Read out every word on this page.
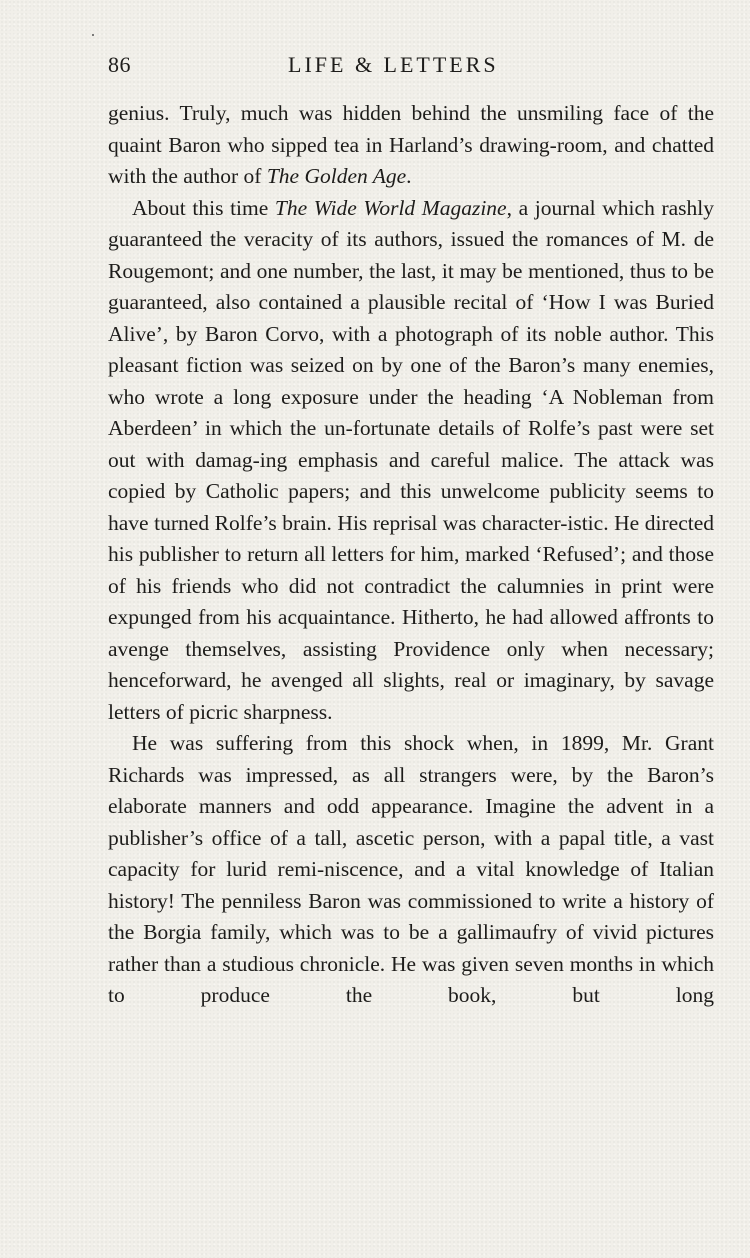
86	LIFE & LETTERS

genius. Truly, much was hidden behind the unsmiling face of the quaint Baron who sipped tea in Harland’s drawing-room, and chatted with the author of The Golden Age.

About this time The Wide World Magazine, a journal which rashly guaranteed the veracity of its authors, issued the romances of M. de Rougemont; and one number, the last, it may be mentioned, thus to be guaranteed, also contained a plausible recital of ‘How I was Buried Alive’, by Baron Corvo, with a photograph of its noble author. This pleasant fiction was seized on by one of the Baron’s many enemies, who wrote a long exposure under the heading ‘A Nobleman from Aberdeen’ in which the un-fortunate details of Rolfe’s past were set out with damag-ing emphasis and careful malice. The attack was copied by Catholic papers; and this unwelcome publicity seems to have turned Rolfe’s brain. His reprisal was character-istic. He directed his publisher to return all letters for him, marked ‘Refused’; and those of his friends who did not contradict the calumnies in print were expunged from his acquaintance. Hitherto, he had allowed affronts to avenge themselves, assisting Providence only when necessary; henceforward, he avenged all slights, real or imaginary, by savage letters of picric sharpness.

He was suffering from this shock when, in 1899, Mr. Grant Richards was impressed, as all strangers were, by the Baron’s elaborate manners and odd appearance. Imagine the advent in a publisher’s office of a tall, ascetic person, with a papal title, a vast capacity for lurid remi-niscence, and a vital knowledge of Italian history! The penniless Baron was commissioned to write a history of the Borgia family, which was to be a gallimaufry of vivid pictures rather than a studious chronicle. He was given seven months in which to produce the book, but long
